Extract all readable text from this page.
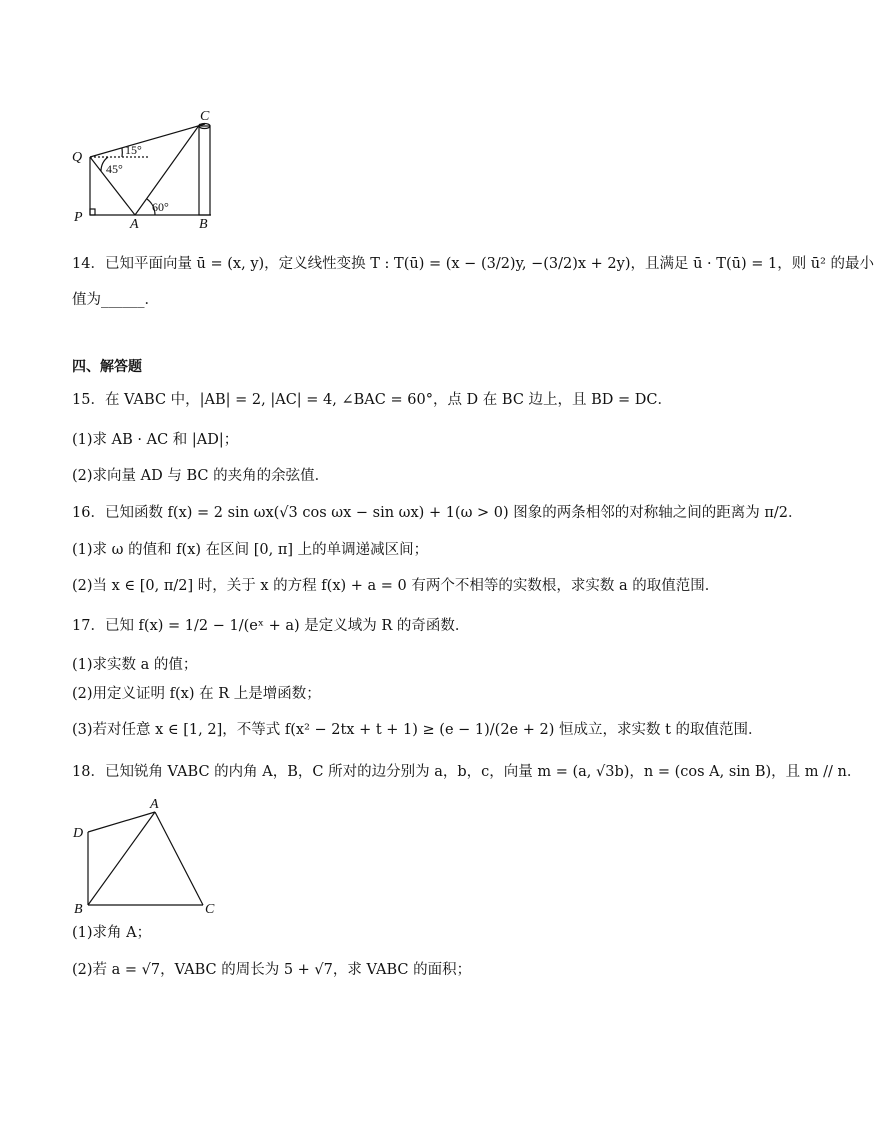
Q
C
P	A	B
15°
45°
60°
14．已知平面向量 ū = (x, y)，定义线性变换 T : T(ū) = (x − (3/2)y, −(3/2)x + 2y)，且满足 ū · T(ū) = 1，则 ū² 的最小
值为______．
四、解答题
15．在 VABC 中，|AB| = 2, |AC| = 4, ∠BAC = 60°，点 D 在 BC 边上，且 BD = DC．
(1)求 AB · AC 和 |AD|；
(2)求向量 AD 与 BC 的夹角的余弦值．
16．已知函数 f(x) = 2 sin ωx(√3 cos ωx − sin ωx) + 1(ω > 0) 图象的两条相邻的对称轴之间的距离为 π/2．
(1)求 ω 的值和 f(x) 在区间 [0, π] 上的单调递减区间；
(2)当 x ∈ [0, π/2] 时，关于 x 的方程 f(x) + a = 0 有两个不相等的实数根，求实数 a 的取值范围．
17．已知 f(x) = 1/2 − 1/(eˣ + a) 是定义域为 R 的奇函数．
(1)求实数 a 的值；
(2)用定义证明 f(x) 在 R 上是增函数；
(3)若对任意 x ∈ [1, 2]，不等式 f(x² − 2tx + t + 1) ≥ (e − 1)/(2e + 2) 恒成立，求实数 t 的取值范围．
18．已知锐角 VABC 的内角 A，B，C 所对的边分别为 a，b，c，向量 m = (a, √3b)，n = (cos A, sin B)，且 m // n．
A
B	C
D
(1)求角 A；
(2)若 a = √7，VABC 的周长为 5 + √7，求 VABC 的面积；
